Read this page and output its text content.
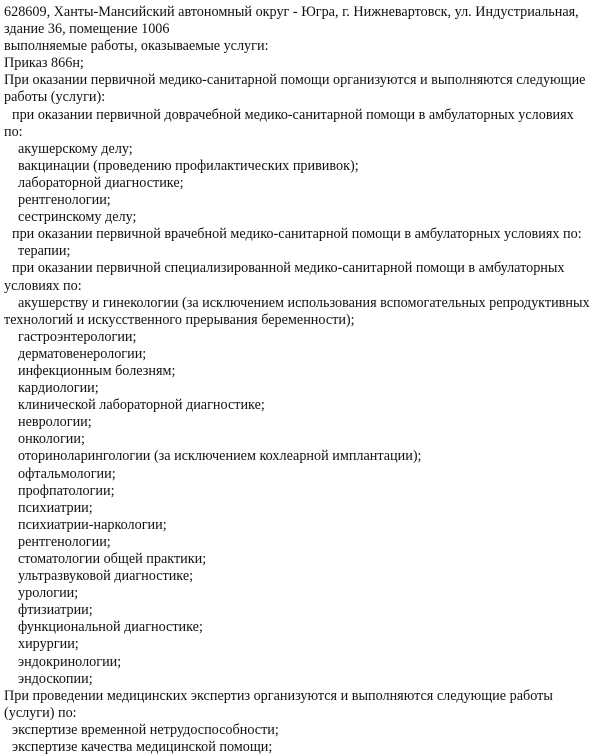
628609, Ханты-Мансийский автономный округ - Югра, г. Нижневартовск, ул. Индустриальная,

здание 36, помещение 1006

выполняемые работы, оказываемые услуги:

Приказ 866н;

При оказании первичной медико-санитарной помощи организуются и выполняются следующие

работы (услуги):

при оказании первичной доврачебной медико-санитарной помощи в амбулаторных условиях

по:

акушерскому делу;

вакцинации (проведению профилактических прививок);

лабораторной диагностике;

рентгенологии;

сестринскому делу;

при оказании первичной врачебной медико-санитарной помощи в амбулаторных условиях по:

терапии;

при оказании первичной специализированной медико-санитарной помощи в амбулаторных

условиях по:

акушерству и гинекологии (за исключением использования вспомогательных репродуктивных

технологий и искусственного прерывания беременности);

гастроэнтерологии;

дерматовенерологии;

инфекционным болезням;

кардиологии;

клинической лабораторной диагностике;

неврологии;

онкологии;

оториноларингологии (за исключением кохлеарной имплантации);

офтальмологии;

профпатологии;

психиатрии;

психиатрии-наркологии;

рентгенологии;

стоматологии общей практики;

ультразвуковой диагностике;

урологии;

фтизиатрии;

функциональной диагностике;

хирургии;

эндокринологии;

эндоскопии;

При проведении медицинских экспертиз организуются и выполняются следующие работы

(услуги) по:

экспертизе временной нетрудоспособности;

экспертизе качества медицинской помощи;
